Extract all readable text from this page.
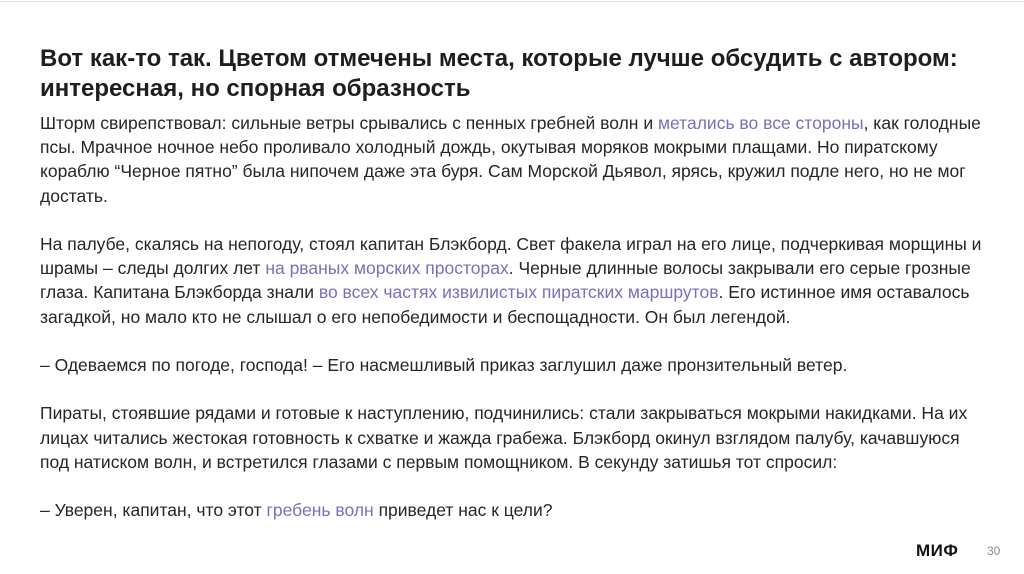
Вот как-то так. Цветом отмечены места, которые лучше обсудить с автором: интересная, но спорная образность

Шторм свирепствовал: сильные ветры срывались с пенных гребней волн и метались во все стороны, как голодные псы. Мрачное ночное небо проливало холодный дождь, окутывая моряков мокрыми плащами. Но пиратскому кораблю “Черное пятно” была нипочем даже эта буря. Сам Морской Дьявол, ярясь, кружил подле него, но не мог достать.

На палубе, скалясь на непогоду, стоял капитан Блэкборд. Свет факела играл на его лице, подчеркивая морщины и шрамы – следы долгих лет на рваных морских просторах. Черные длинные волосы закрывали его серые грозные глаза. Капитана Блэкборда знали во всех частях извилистых пиратских маршрутов. Его истинное имя оставалось загадкой, но мало кто не слышал о его непобедимости и беспощадности. Он был легендой.

– Одеваемся по погоде, господа! – Его насмешливый приказ заглушил даже пронзительный ветер.

Пираты, стоявшие рядами и готовые к наступлению, подчинились: стали закрываться мокрыми накидками. На их лицах читались жестокая готовность к схватке и жажда грабежа. Блэкборд окинул взглядом палубу, качавшуюся под натиском волн, и встретился глазами с первым помощником. В секунду затишья тот спросил:

– Уверен, капитан, что этот гребень волн приведет нас к цели?

МИФ 30
